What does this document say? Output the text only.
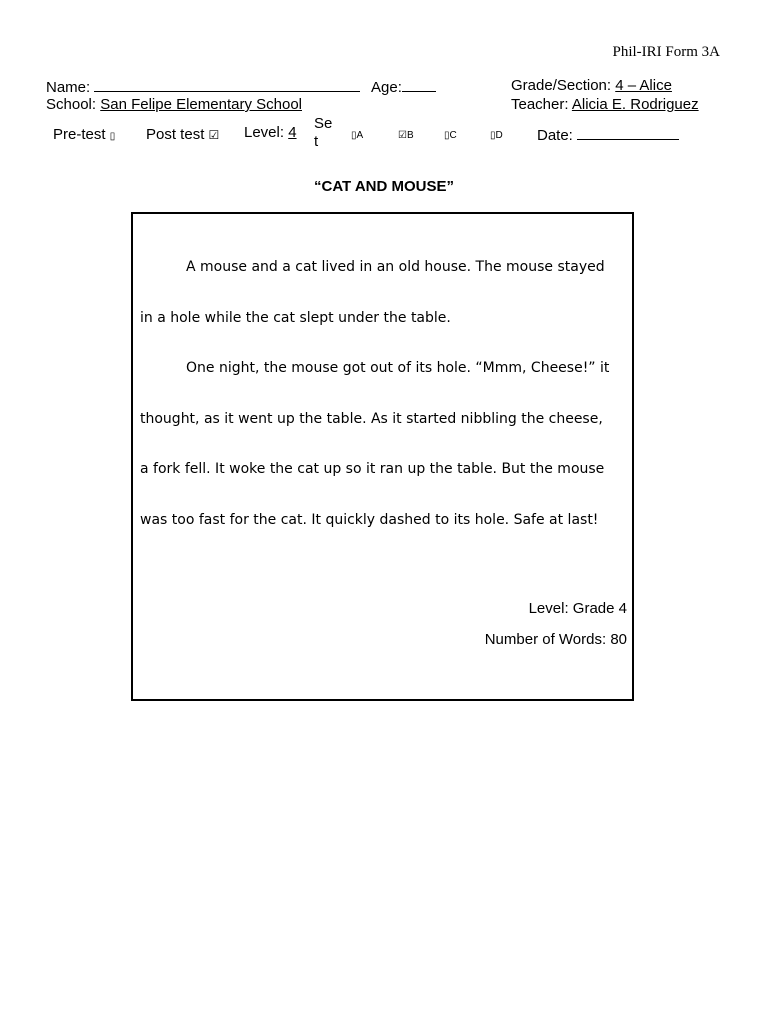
Phil-IRI Form 3A
Name:	Age:	Grade/Section: 4 – Alice
School: San Felipe Elementary School	Teacher: Alicia E. Rodriguez
Pre-test ▯ Post test ☑ Level: 4
Se
t	▯A	☑B	▯C	▯D Date:
“CAT AND MOUSE”
A mouse and a cat lived in an old house. The mouse stayed
in a hole while the cat slept under the table.
One night, the mouse got out of its hole. “Mmm, Cheese!” it
thought, as it went up the table. As it started nibbling the cheese,
a fork fell. It woke the cat up so it ran up the table. But the mouse
was too fast for the cat. It quickly dashed to its hole. Safe at last!
Level: Grade 4
Number of Words: 80
